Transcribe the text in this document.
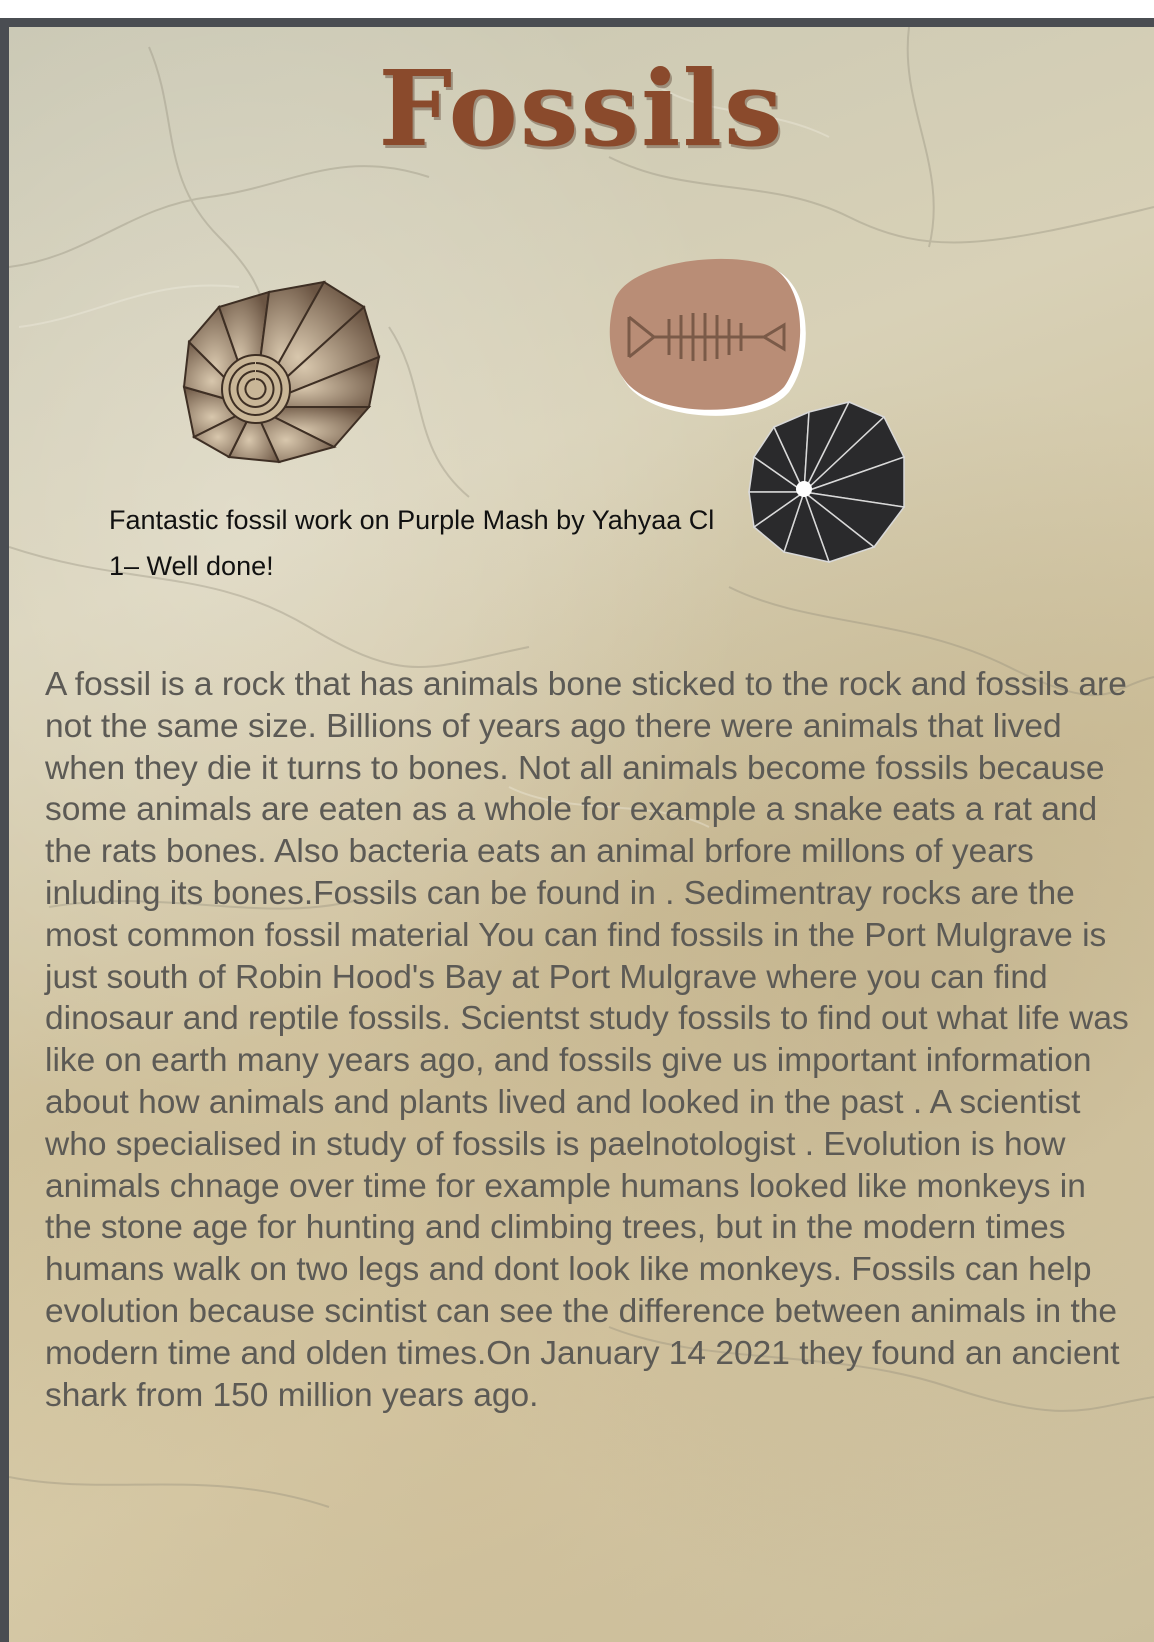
Fossils
Fantastic fossil work on Purple Mash by Yahyaa Cl 1– Well done!

A fossil is a rock that has animals bone sticked to the rock and fossils are not the same size. Billions of years ago there were animals that lived when they die it turns to bones. Not all animals become fossils because some animals are eaten as a whole for example a snake eats a rat and the rats bones. Also bacteria eats an animal brfore millons of years inluding its bones.Fossils can be found in . Sedimentray rocks are the most common fossil material You can find fossils in the Port Mulgrave is just south of Robin Hood's Bay at Port Mulgrave where you can find dinosaur and reptile fossils. Scientst study fossils to find out what life was like on earth many years ago, and fossils give us important information about how animals and plants lived and looked in the past . A scientist who specialised in study of fossils is paelnotologist . Evolution is how animals chnage over time for example humans looked like monkeys in the stone age for hunting and climbing trees, but in the modern times humans walk on two legs and dont look like monkeys. Fossils can help evolution because scintist can see the difference between animals in the modern time and olden times.On January 14 2021 they found an ancient shark from 150 million years ago.
